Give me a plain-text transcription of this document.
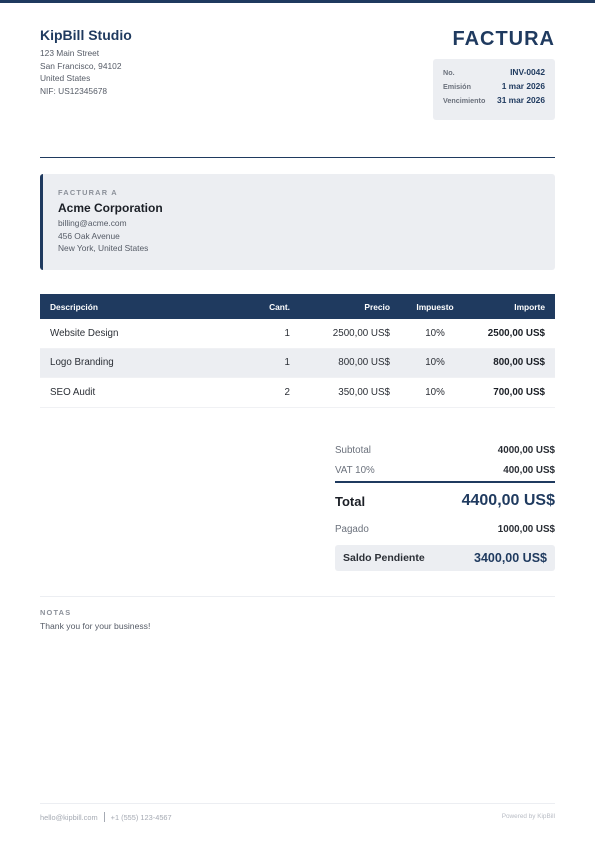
KipBill Studio
123 Main Street
San Francisco, 94102
United States
NIF: US12345678
FACTURA
No.	INV-0042
Emisión	1 mar 2026
Vencimiento 31 mar 2026
FACTURAR A
Acme Corporation
billing@acme.com
456 Oak Avenue
New York, United States
Descripción	Cant.	Precio	Impuesto	Importe
Website Design	1	2500,00 US$	10%	2500,00 US$
Logo Branding	1	800,00 US$	10%	800,00 US$
SEO Audit	2	350,00 US$	10%	700,00 US$
Subtotal	4000,00 US$
VAT 10%	400,00 US$
Total	4400,00 US$
Pagado	1000,00 US$
Saldo Pendiente	3400,00 US$
NOTAS
Thank you for your business!
hello@kipbill.com +1 (555) 123-4567	Powered by KipBill
